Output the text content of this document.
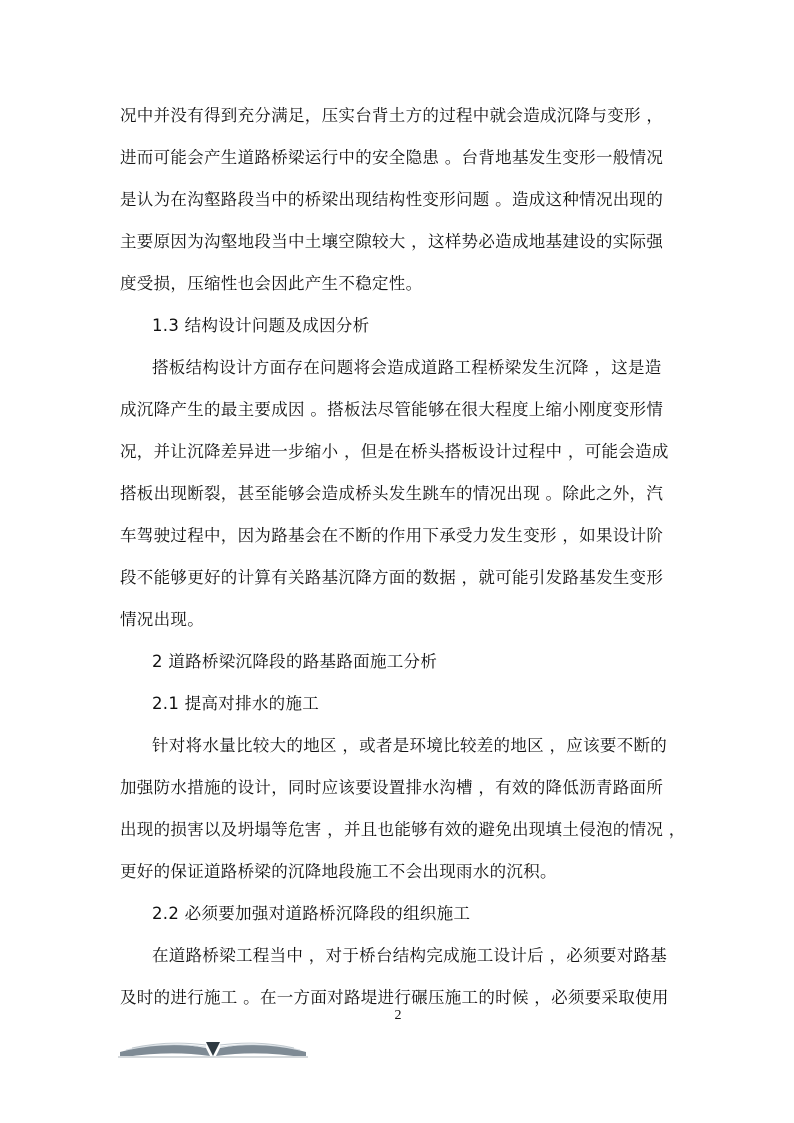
况中并没有得到充分满足，压实台背土方的过程中就会造成沉降与变形 ，
进而可能会产生道路桥梁运行中的安全隐患 。台背地基发生变形一般情况
是认为在沟壑路段当中的桥梁出现结构性变形问题 。造成这种情况出现的
主要原因为沟壑地段当中土壤空隙较大 ，这样势必造成地基建设的实际强
度受损，压缩性也会因此产生不稳定性。
1.3 结构设计问题及成因分析
搭板结构设计方面存在问题将会造成道路工程桥梁发生沉降 ，这是造
成沉降产生的最主要成因 。搭板法尽管能够在很大程度上缩小刚度变形情
况，并让沉降差异进一步缩小 ，但是在桥头搭板设计过程中 ，可能会造成
搭板出现断裂，甚至能够会造成桥头发生跳车的情况出现 。除此之外，汽
车驾驶过程中，因为路基会在不断的作用下承受力发生变形 ，如果设计阶
段不能够更好的计算有关路基沉降方面的数据 ，就可能引发路基发生变形
情况出现。
2 道路桥梁沉降段的路基路面施工分析
2.1 提高对排水的施工
针对将水量比较大的地区 ，或者是环境比较差的地区 ，应该要不断的
加强防水措施的设计，同时应该要设置排水沟槽 ，有效的降低沥青路面所
出现的损害以及坍塌等危害 ，并且也能够有效的避免出现填土侵泡的情况 ，
更好的保证道路桥梁的沉降地段施工不会出现雨水的沉积。
2.2 必须要加强对道路桥沉降段的组织施工
在道路桥梁工程当中 ，对于桥台结构完成施工设计后 ，必须要对路基
及时的进行施工 。在一方面对路堤进行碾压施工的时候 ，必须要采取使用
2
